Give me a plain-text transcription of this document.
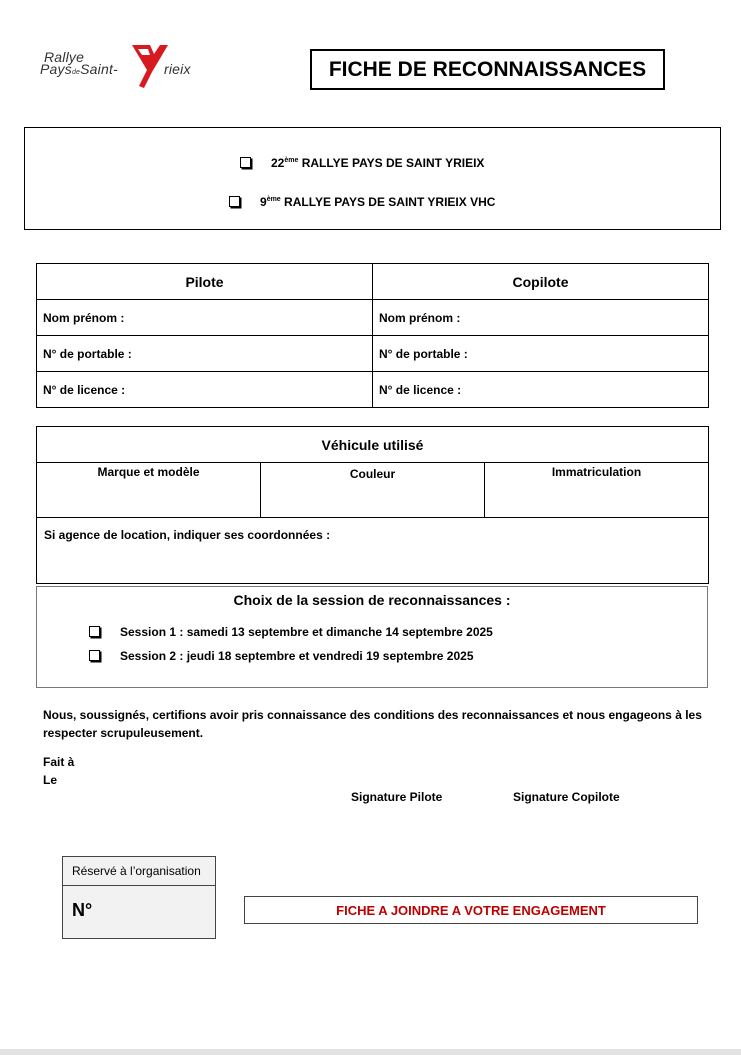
Rallye
PaysdeSaint-	rieix	FICHE DE RECONNAISSANCES
22ème RALLYE PAYS DE SAINT YRIEIX
9ème RALLYE PAYS DE SAINT YRIEIX VHC
Pilote	Copilote
Nom prénom :	Nom prénom :
N° de portable :	N° de portable :
N° de licence :	N° de licence :
Véhicule utilisé
Marque et modèle	Couleur	Immatriculation
Si agence de location, indiquer ses coordonnées :
Choix de la session de reconnaissances :
Session 1 : samedi 13 septembre et dimanche 14 septembre 2025
Session 2 : jeudi 18 septembre et vendredi 19 septembre 2025
Nous, soussignés, certifions avoir pris connaissance des conditions des reconnaissances et nous engageons à les
respecter scrupuleusement.
Fait à
Le
Signature Pilote	Signature Copilote
Réservé à l’organisation
N°	FICHE A JOINDRE A VOTRE ENGAGEMENT
